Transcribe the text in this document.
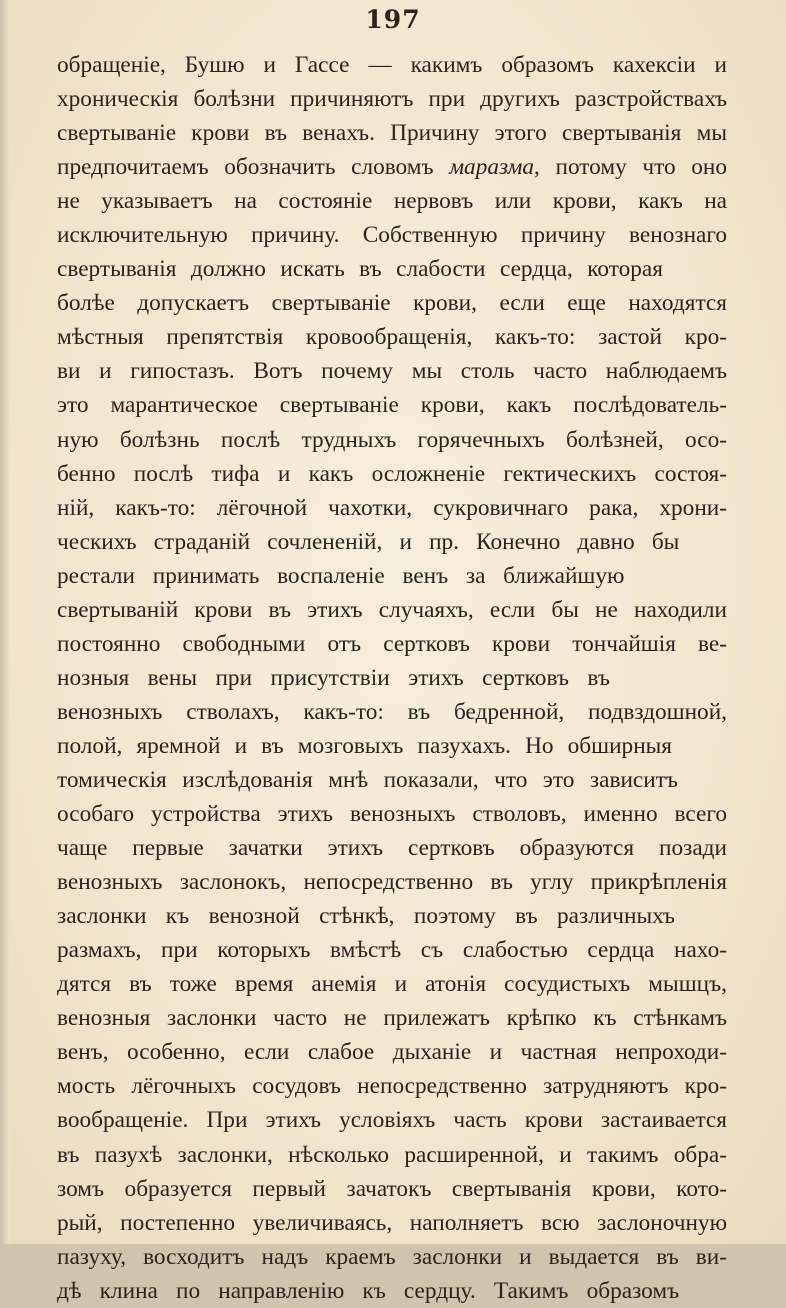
197
обращеніе, Бушю и Гассе — какимъ образомъ кахексіи и
хроническія болѣзни причиняютъ при другихъ разстройствахъ
свертываніе крови въ венахъ. Причину этого свертыванія мы
предпочитаемъ обозначить словомъ маразма, потому что оно
не указываетъ на состояніе нервовъ или крови, какъ на
исключительную причину. Собственную причину венознаго
свертыванія должно искать въ слабости сердца, которая
болѣе допускаетъ свертываніе крови, если еще находятся
мѣстныя препятствія кровообращенія, какъ-то: застой кро-
ви и гипостазъ. Вотъ почему мы столь часто наблюдаемъ
это марантическое свертываніе крови, какъ послѣдователь-
ную болѣзнь послѣ трудныхъ горячечныхъ болѣзней, осо-
бенно послѣ тифа и какъ осложненіе гектическихъ состоя-
ній, какъ-то: лёгочной чахотки, сукровичнаго рака, хрони-
ческихъ страданій сочлененій, и пр. Конечно давно бы
рестали принимать воспаленіе венъ за ближайшую
свертываній крови въ этихъ случаяхъ, если бы не находили
постоянно свободными отъ сертковъ крови тончайшія ве-
нозныя вены при присутствіи этихъ сертковъ въ
венозныхъ стволахъ, какъ-то: въ бедренной, подвздошной,
полой, яремной и въ мозговыхъ пазухахъ. Но обширныя
томическія изслѣдованія мнѣ показали, что это зависитъ
особаго устройства этихъ венозныхъ стволовъ, именно всего
чаще первые зачатки этихъ сертковъ образуются позади
венозныхъ заслонокъ, непосредственно въ углу прикрѣпленія
заслонки къ венозной стѣнкѣ, поэтому въ различныхъ
размахъ, при которыхъ вмѣстѣ съ слабостью сердца нахо-
дятся въ тоже время анемія и атонія сосудистыхъ мышцъ,
венозныя заслонки часто не прилежатъ крѣпко къ стѣнкамъ
венъ, особенно, если слабое дыханіе и частная непроходи-
мость лёгочныхъ сосудовъ непосредственно затрудняютъ кро-
вообращеніе. При этихъ условіяхъ часть крови застаивается
въ пазухѣ заслонки, нѣсколько расширенной, и такимъ обра-
зомъ образуется первый зачатокъ свертыванія крови, кото-
рый, постепенно увеличиваясь, наполняетъ всю заслоночную
пазуху, восходитъ надъ краемъ заслонки и выдается въ ви-
дѣ клина по направленію къ сердцу. Такимъ образомъ
